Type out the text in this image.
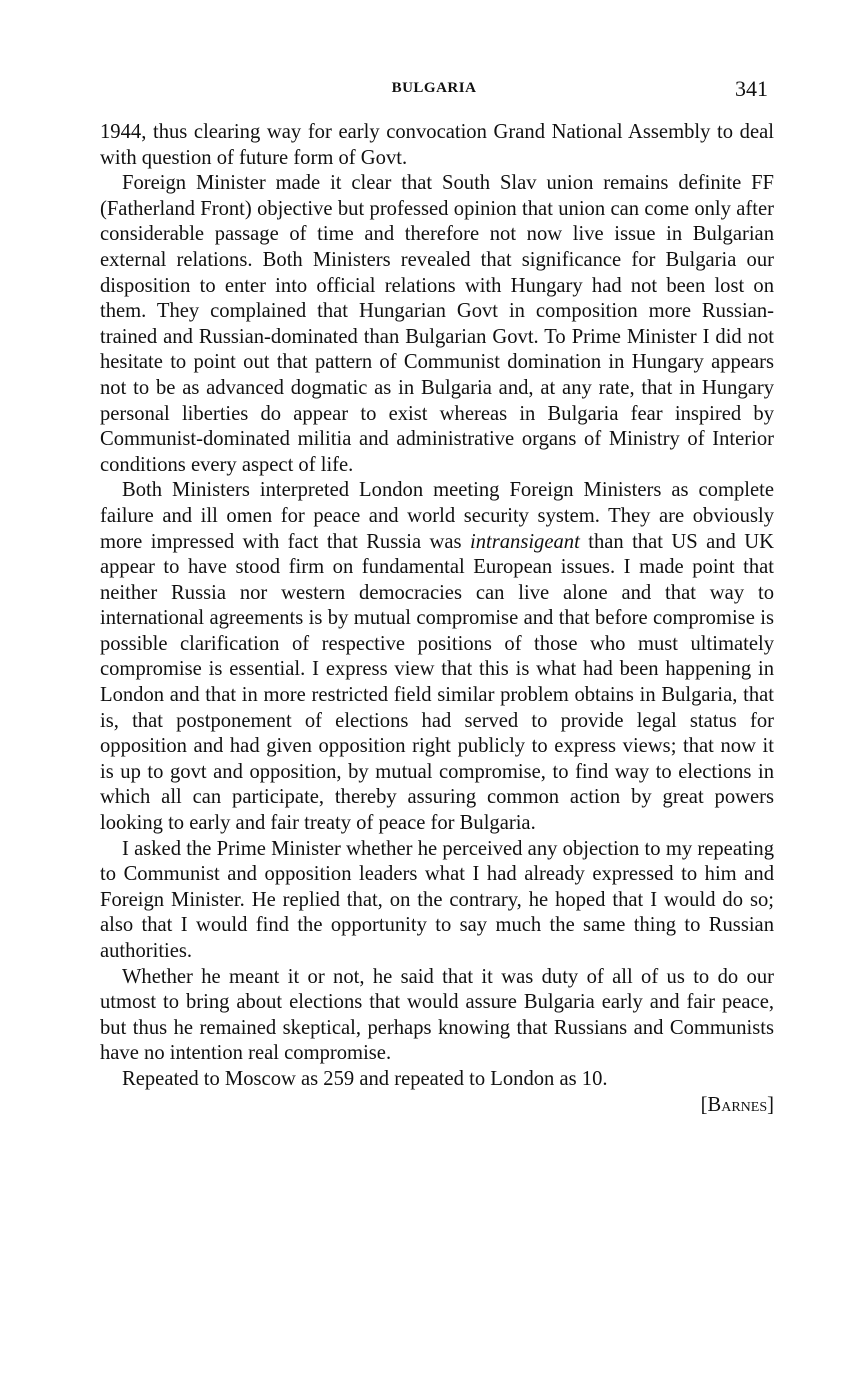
BULGARIA	341

1944, thus clearing way for early convocation Grand National Assembly to deal with question of future form of Govt.

Foreign Minister made it clear that South Slav union remains definite FF (Fatherland Front) objective but professed opinion that union can come only after considerable passage of time and therefore not now live issue in Bulgarian external relations. Both Ministers revealed that significance for Bulgaria our disposition to enter into official relations with Hungary had not been lost on them. They complained that Hungarian Govt in composition more Russian-trained and Russian-dominated than Bulgarian Govt. To Prime Minister I did not hesitate to point out that pattern of Communist domination in Hungary appears not to be as advanced dogmatic as in Bulgaria and, at any rate, that in Hungary personal liberties do appear to exist whereas in Bulgaria fear inspired by Communist-dominated militia and administrative organs of Ministry of Interior conditions every aspect of life.

Both Ministers interpreted London meeting Foreign Ministers as complete failure and ill omen for peace and world security system. They are obviously more impressed with fact that Russia was intransigeant than that US and UK appear to have stood firm on fundamental European issues. I made point that neither Russia nor western democracies can live alone and that way to international agreements is by mutual compromise and that before compromise is possible clarification of respective positions of those who must ultimately compromise is essential. I express view that this is what had been happening in London and that in more restricted field similar problem obtains in Bulgaria, that is, that postponement of elections had served to provide legal status for opposition and had given opposition right publicly to express views; that now it is up to govt and opposition, by mutual compromise, to find way to elections in which all can participate, thereby assuring common action by great powers looking to early and fair treaty of peace for Bulgaria.

I asked the Prime Minister whether he perceived any objection to my repeating to Communist and opposition leaders what I had already expressed to him and Foreign Minister. He replied that, on the contrary, he hoped that I would do so; also that I would find the opportunity to say much the same thing to Russian authorities.

Whether he meant it or not, he said that it was duty of all of us to do our utmost to bring about elections that would assure Bulgaria early and fair peace, but thus he remained skeptical, perhaps knowing that Russians and Communists have no intention real compromise.

Repeated to Moscow as 259 and repeated to London as 10.

[Barnes]
